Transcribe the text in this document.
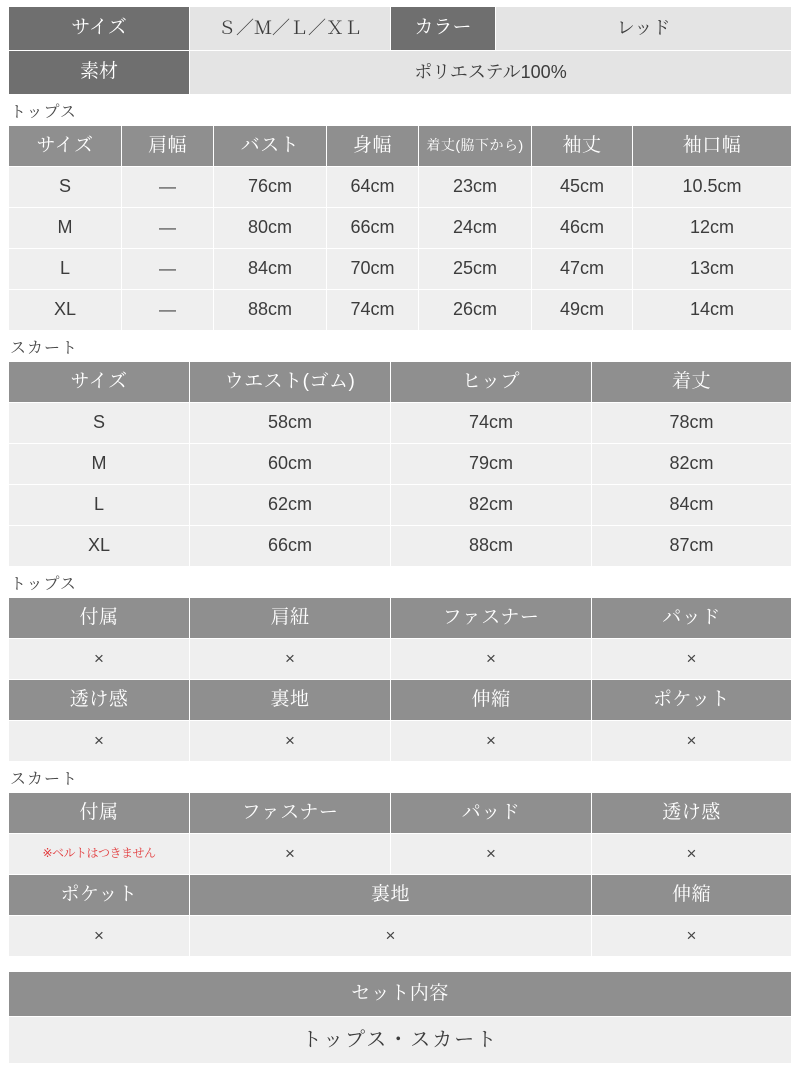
サイズ	Ｓ／Ｍ／Ｌ／ＸＬ	カラー	レッド
素材	ポリエステル100%		
トップス
サイズ	肩幅	バスト	身幅	着丈(脇下から)	袖丈	袖口幅
S	—	76cm	64cm	23cm	45cm	10.5cm
M	—	80cm	66cm	24cm	46cm	12cm
L	—	84cm	70cm	25cm	47cm	13cm
XL	—	88cm	74cm	26cm	49cm	14cm
スカート
サイズ	ウエスト(ゴム)	ヒップ	着丈
S	58cm	74cm	78cm
M	60cm	79cm	82cm
L	62cm	82cm	84cm
XL	66cm	88cm	87cm
トップス
付属	肩紐	ファスナー	パッド
×	×	×	×
透け感	裏地	伸縮	ポケット
×	×	×	×
スカート
付属	ファスナー	パッド	透け感
※ベルトはつきません	×	×	×
ポケット	裏地		伸縮
×	×		×
セット内容
トップス・スカート
